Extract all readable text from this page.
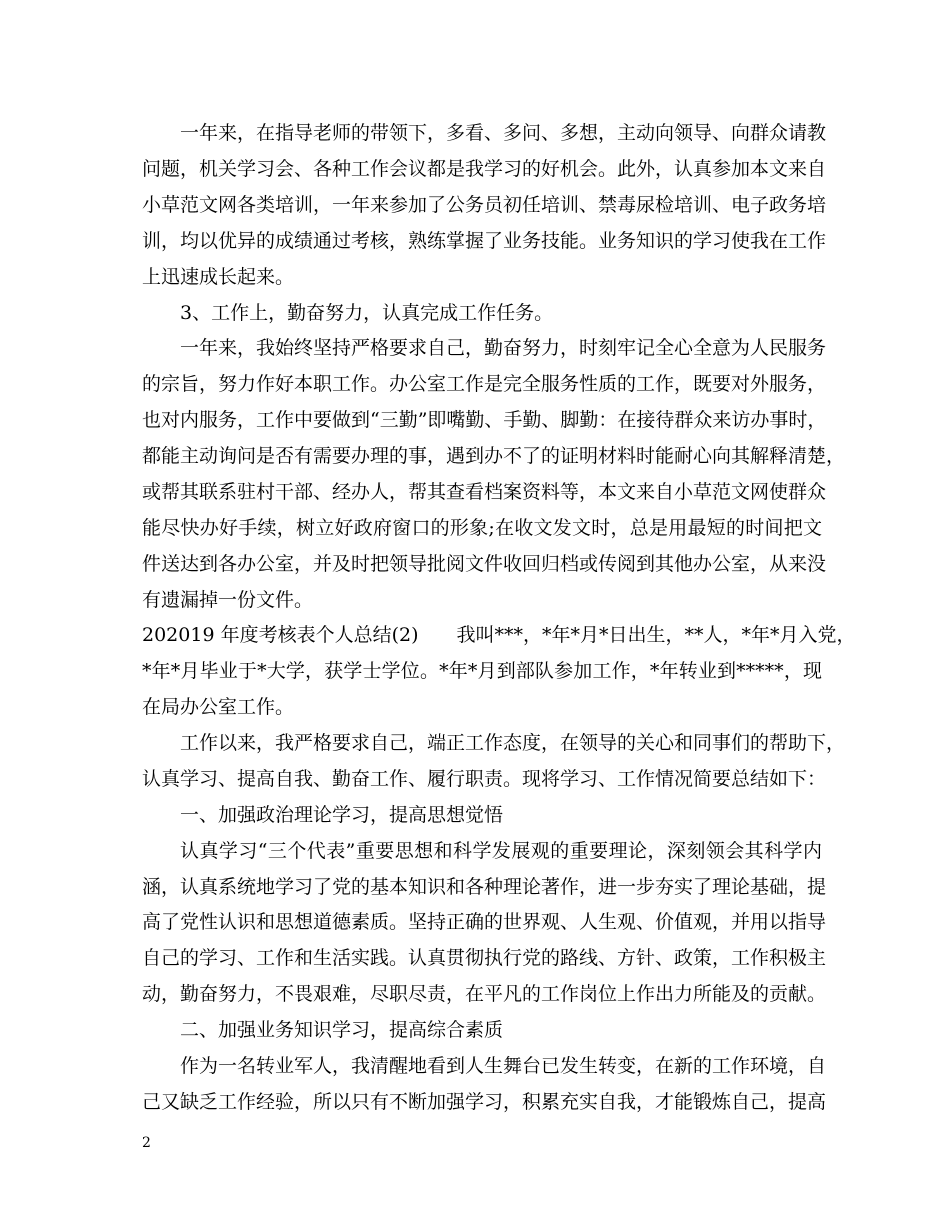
一年来，在指导老师的带领下，多看、多问、多想，主动向领导、向群众请教
问题，机关学习会、各种工作会议都是我学习的好机会。此外，认真参加本文来自
小草范文网各类培训，一年来参加了公务员初任培训、禁毒尿检培训、电子政务培
训，均以优异的成绩通过考核，熟练掌握了业务技能。业务知识的学习使我在工作
上迅速成长起来。
3、工作上，勤奋努力，认真完成工作任务。
一年来，我始终坚持严格要求自己，勤奋努力，时刻牢记全心全意为人民服务
的宗旨，努力作好本职工作。办公室工作是完全服务性质的工作，既要对外服务，
也对内服务，工作中要做到“三勤”即嘴勤、手勤、脚勤：在接待群众来访办事时，
都能主动询问是否有需要办理的事，遇到办不了的证明材料时能耐心向其解释清楚，
或帮其联系驻村干部、经办人，帮其查看档案资料等，本文来自小草范文网使群众
能尽快办好手续，树立好政府窗口的形象;在收文发文时，总是用最短的时间把文
件送达到各办公室，并及时把领导批阅文件收回归档或传阅到其他办公室，从来没
有遗漏掉一份文件。
202019 年度考核表个人总结(2)　　我叫***，*年*月*日出生，**人，*年*月入党，
*年*月毕业于*大学，获学士学位。*年*月到部队参加工作，*年转业到*****，现
在局办公室工作。
工作以来，我严格要求自己，端正工作态度，在领导的关心和同事们的帮助下，
认真学习、提高自我、勤奋工作、履行职责。现将学习、工作情况简要总结如下：
一、加强政治理论学习，提高思想觉悟
认真学习“三个代表”重要思想和科学发展观的重要理论，深刻领会其科学内
涵，认真系统地学习了党的基本知识和各种理论著作，进一步夯实了理论基础，提
高了党性认识和思想道德素质。坚持正确的世界观、人生观、价值观，并用以指导
自己的学习、工作和生活实践。认真贯彻执行党的路线、方针、政策，工作积极主
动，勤奋努力，不畏艰难，尽职尽责，在平凡的工作岗位上作出力所能及的贡献。
二、加强业务知识学习，提高综合素质
作为一名转业军人，我清醒地看到人生舞台已发生转变，在新的工作环境，自
己又缺乏工作经验，所以只有不断加强学习，积累充实自我，才能锻炼自己，提高
2
